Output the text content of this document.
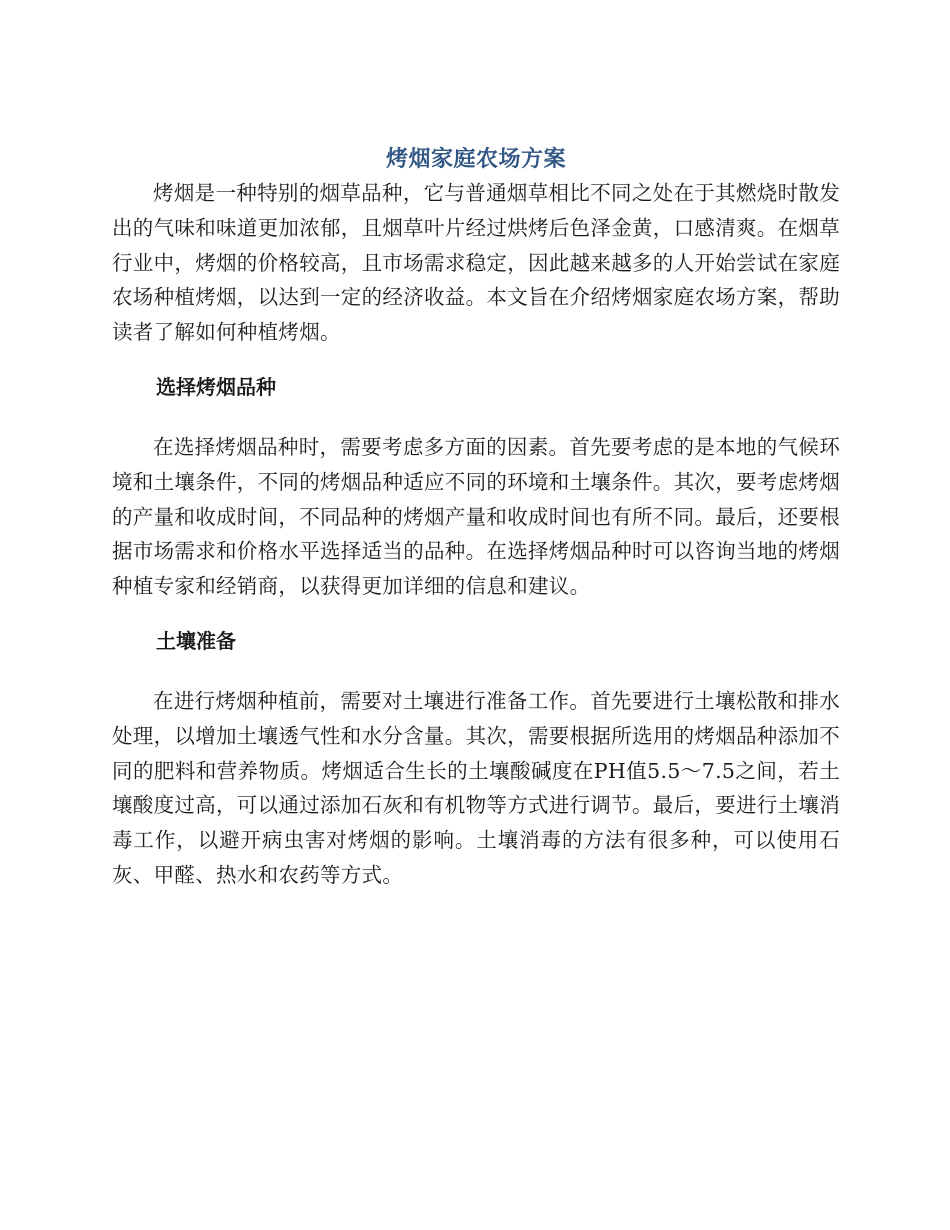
烤烟家庭农场方案

烤烟是一种特别的烟草品种，它与普通烟草相比不同之处在于其燃烧时散发出的气味和味道更加浓郁，且烟草叶片经过烘烤后色泽金黄，口感清爽。在烟草行业中，烤烟的价格较高，且市场需求稳定，因此越来越多的人开始尝试在家庭农场种植烤烟，以达到一定的经济收益。本文旨在介绍烤烟家庭农场方案，帮助读者了解如何种植烤烟。

选择烤烟品种

在选择烤烟品种时，需要考虑多方面的因素。首先要考虑的是本地的气候环境和土壤条件，不同的烤烟品种适应不同的环境和土壤条件。其次，要考虑烤烟的产量和收成时间，不同品种的烤烟产量和收成时间也有所不同。最后，还要根据市场需求和价格水平选择适当的品种。在选择烤烟品种时可以咨询当地的烤烟种植专家和经销商，以获得更加详细的信息和建议。

土壤准备

在进行烤烟种植前，需要对土壤进行准备工作。首先要进行土壤松散和排水处理，以增加土壤透气性和水分含量。其次，需要根据所选用的烤烟品种添加不同的肥料和营养物质。烤烟适合生长的土壤酸碱度在PH值5.5～7.5之间，若土壤酸度过高，可以通过添加石灰和有机物等方式进行调节。最后，要进行土壤消毒工作，以避开病虫害对烤烟的影响。土壤消毒的方法有很多种，可以使用石灰、甲醛、热水和农药等方式。
